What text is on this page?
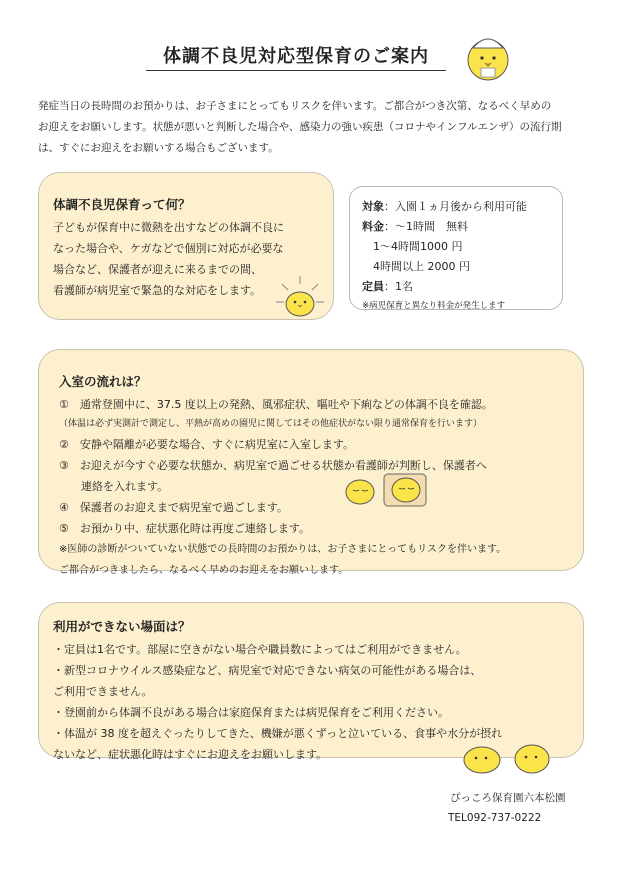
体調不良児対応型保育のご案内

発症当日の長時間のお預かりは、お子さまにとってもリスクを伴います。ご都合がつき次第、なるべく早めの

お迎えをお願いします。状態が悪いと判断した場合や、感染力の強い疾患（コロナやインフルエンザ）の流行期

は、すぐにお迎えをお願いする場合もございます。

体調不良児保育って何？

子どもが保育中に微熱を出すなどの体調不良に

なった場合や、ケガなどで個別に対応が必要な

場合など、保護者が迎えに来るまでの間、

看護師が病児室で緊急的な対応をします。

対象：入園１ヵ月後から利用可能

料金：～1時間　無料

　1～4時間1000 円

　4時間以上 2000 円

定員：1名

※病児保育と異なり料金が発生します

入室の流れは？

①　通常登園中に、37.5 度以上の発熱、風邪症状、嘔吐や下痢などの体調不良を確認。

（体温は必ず実測計で測定し、平熱が高めの園児に関してはその他症状がない限り通常保育を行います）

②　安静や隔離が必要な場合、すぐに病児室に入室します。

③　お迎えが今すぐ必要な状態か、病児室で過ごせる状態か看護師が判断し、保護者へ

　　連絡を入れます。

④　保護者のお迎えまで病児室で過ごします。

⑤　お預かり中、症状悪化時は再度ご連絡します。

※医師の診断がついていない状態での長時間のお預かりは、お子さまにとってもリスクを伴います。

ご都合がつきましたら、なるべく早めのお迎えをお願いします。

利用ができない場面は？

・定員は1名です。部屋に空きがない場合や職員数によってはご利用ができません。

・新型コロナウイルス感染症など、病児室で対応できない病気の可能性がある場合は、

ご利用できません。

・登園前から体調不良がある場合は家庭保育または病児保育をご利用ください。

・体温が 38 度を超えぐったりしてきた、機嫌が悪くずっと泣いている、食事や水分が摂れ

ないなど、症状悪化時はすぐにお迎えをお願いします。

ぴっころ保育園六本松園
TEL092-737-0222
